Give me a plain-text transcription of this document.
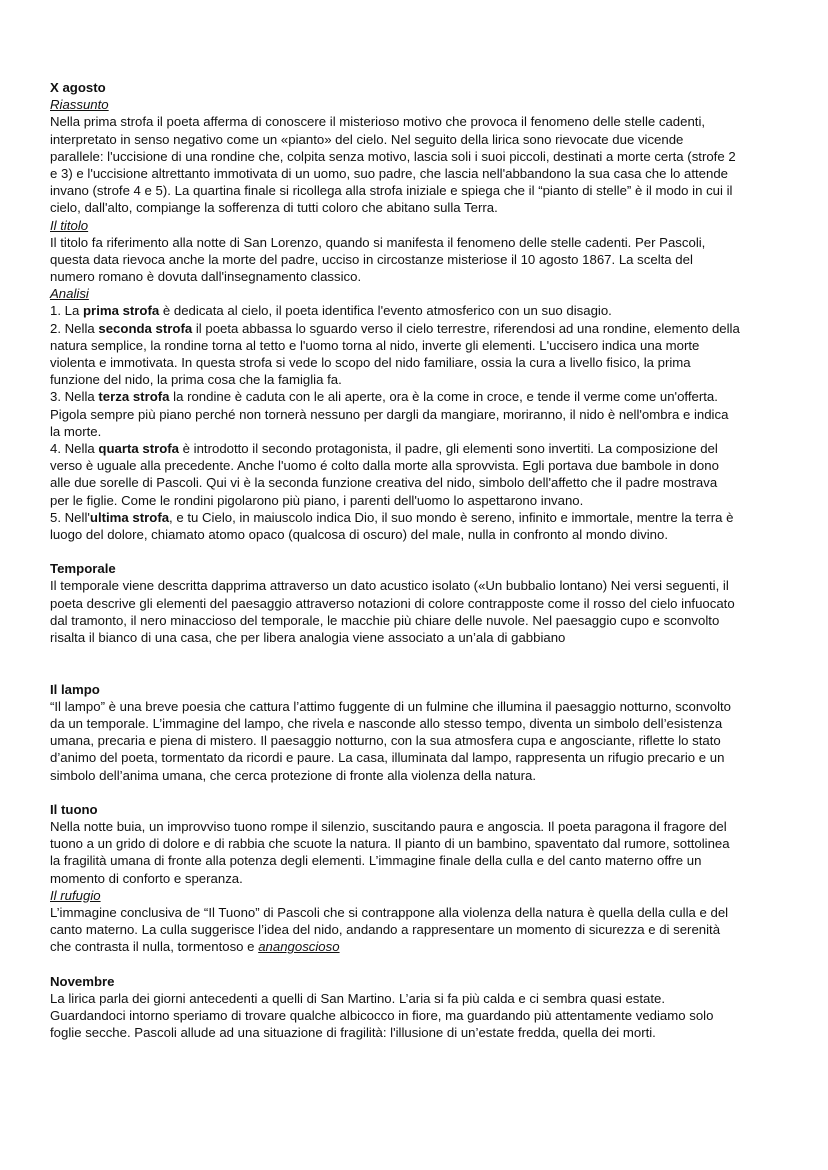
X agosto
Riassunto
Nella prima strofa il poeta afferma di conoscere il misterioso motivo che provoca il fenomeno delle stelle cadenti,
interpretato in senso negativo come un «pianto» del cielo. Nel seguito della lirica sono rievocate due vicende
parallele: l'uccisione di una rondine che, colpita senza motivo, lascia soli i suoi piccoli, destinati a morte certa (strofe 2
e 3) e l'uccisione altrettanto immotivata di un uomo, suo padre, che lascia nell'abbandono la sua casa che lo attende
invano (strofe 4 e 5). La quartina finale si ricollega alla strofa iniziale e spiega che il “pianto di stelle” è il modo in cui il
cielo, dall'alto, compiange la sofferenza di tutti coloro che abitano sulla Terra.
Il titolo
Il titolo fa riferimento alla notte di San Lorenzo, quando si manifesta il fenomeno delle stelle cadenti. Per Pascoli,
questa data rievoca anche la morte del padre, ucciso in circostanze misteriose il 10 agosto 1867. La scelta del
numero romano è dovuta dall'insegnamento classico.
Analisi
1. La prima strofa è dedicata al cielo, il poeta identifica l'evento atmosferico con un suo disagio.
2. Nella seconda strofa il poeta abbassa lo sguardo verso il cielo terrestre, riferendosi ad una rondine, elemento della
natura semplice, la rondine torna al tetto e l'uomo torna al nido, inverte gli elementi. L'uccisero indica una morte
violenta e immotivata. In questa strofa si vede lo scopo del nido familiare, ossia la cura a livello fisico, la prima
funzione del nido, la prima cosa che la famiglia fa.
3. Nella terza strofa la rondine è caduta con le ali aperte, ora è la come in croce, e tende il verme come un'offerta.
Pigola sempre più piano perché non tornerà nessuno per dargli da mangiare, moriranno, il nido è nell'ombra e indica
la morte.
4. Nella quarta strofa è introdotto il secondo protagonista, il padre, gli elementi sono invertiti. La composizione del
verso è uguale alla precedente. Anche l'uomo é colto dalla morte alla sprovvista. Egli portava due bambole in dono
alle due sorelle di Pascoli. Qui vi è la seconda funzione creativa del nido, simbolo dell'affetto che il padre mostrava
per le figlie. Come le rondini pigolarono più piano, i parenti dell'uomo lo aspettarono invano.
5. Nell'ultima strofa, e tu Cielo, in maiuscolo indica Dio, il suo mondo è sereno, infinito e immortale, mentre la terra è
luogo del dolore, chiamato atomo opaco (qualcosa di oscuro) del male, nulla in confronto al mondo divino.
Temporale
Il temporale viene descritta dapprima attraverso un dato acustico isolato («Un bubbalio lontano) Nei versi seguenti, il
poeta descrive gli elementi del paesaggio attraverso notazioni di colore contrapposte come il rosso del cielo infuocato
dal tramonto, il nero minaccioso del temporale, le macchie più chiare delle nuvole. Nel paesaggio cupo e sconvolto
risalta il bianco di una casa, che per libera analogia viene associato a un’ala di gabbiano
Il lampo
“Il lampo” è una breve poesia che cattura l’attimo fuggente di un fulmine che illumina il paesaggio notturno, sconvolto
da un temporale. L’immagine del lampo, che rivela e nasconde allo stesso tempo, diventa un simbolo dell’esistenza
umana, precaria e piena di mistero. Il paesaggio notturno, con la sua atmosfera cupa e angosciante, riflette lo stato
d’animo del poeta, tormentato da ricordi e paure. La casa, illuminata dal lampo, rappresenta un rifugio precario e un
simbolo dell’anima umana, che cerca protezione di fronte alla violenza della natura.
Il tuono
Nella notte buia, un improvviso tuono rompe il silenzio, suscitando paura e angoscia. Il poeta paragona il fragore del
tuono a un grido di dolore e di rabbia che scuote la natura. Il pianto di un bambino, spaventato dal rumore, sottolinea
la fragilità umana di fronte alla potenza degli elementi. L’immagine finale della culla e del canto materno offre un
momento di conforto e speranza.
Il rufugio
L’immagine conclusiva de “Il Tuono” di Pascoli che si contrappone alla violenza della natura è quella della culla e del
canto materno. La culla suggerisce l’idea del nido, andando a rappresentare un momento di sicurezza e di serenità
che contrasta il nulla, tormentoso e anangoscioso
Novembre
La lirica parla dei giorni antecedenti a quelli di San Martino. L’aria si fa più calda e ci sembra quasi estate.
Guardandoci intorno speriamo di trovare qualche albicocco in fiore, ma guardando più attentamente vediamo solo
foglie secche. Pascoli allude ad una situazione di fragilità: l'illusione di un’estate fredda, quella dei morti.
